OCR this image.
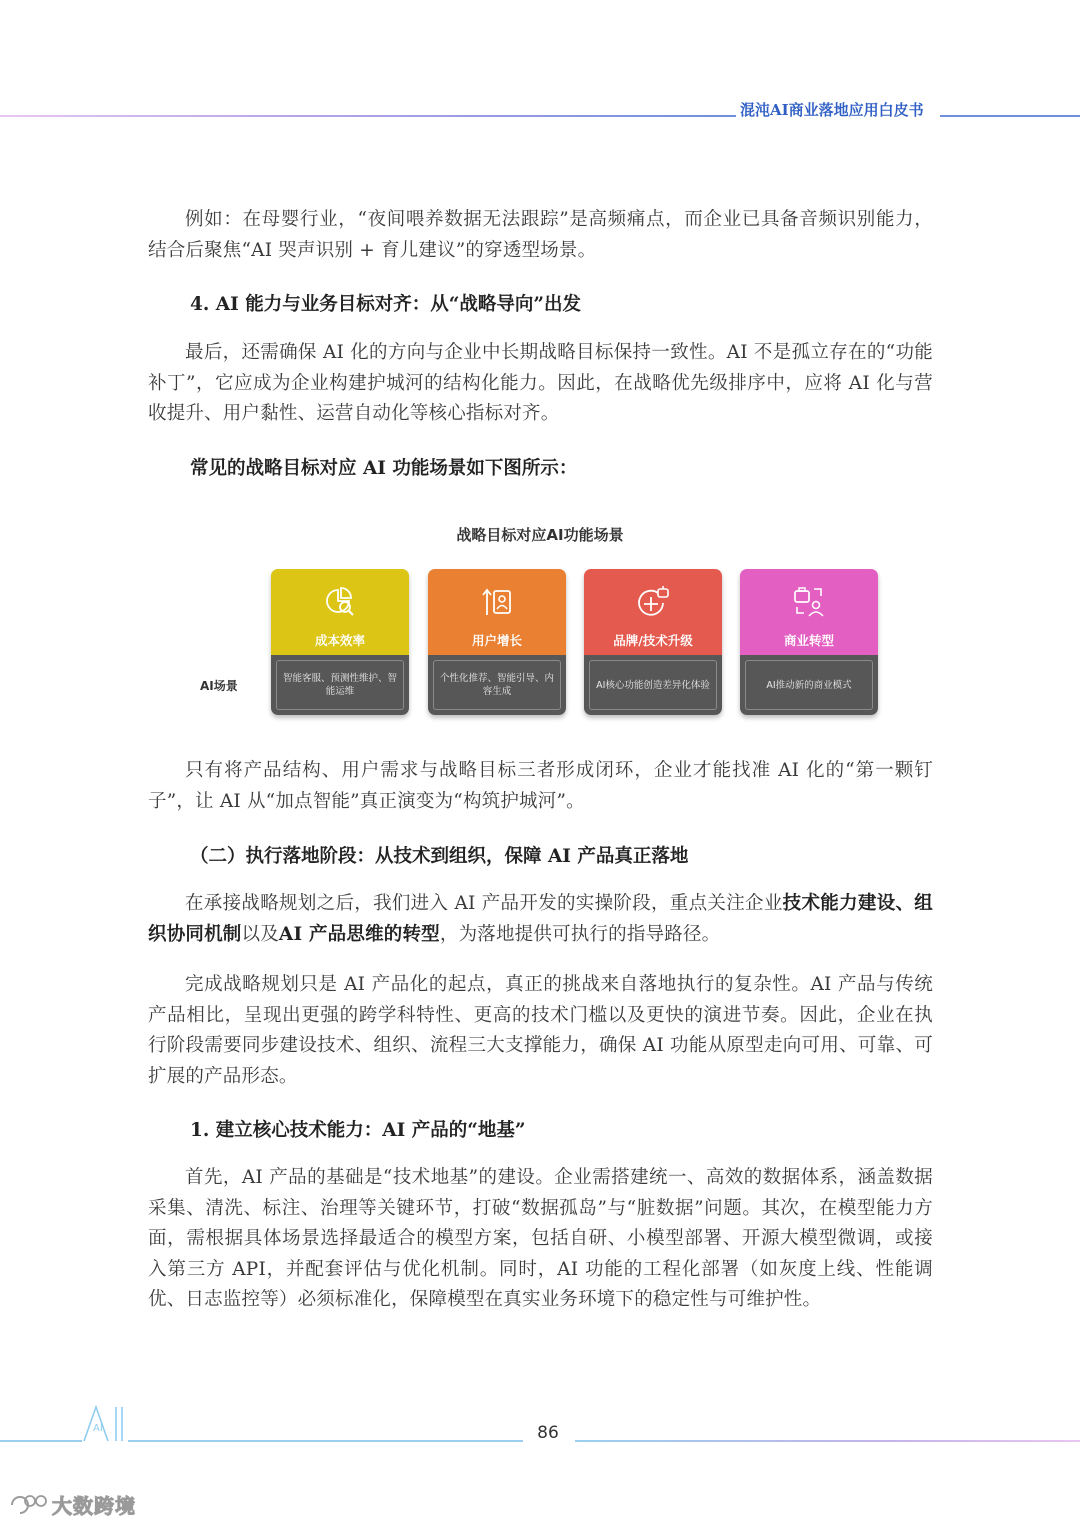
混沌AI商业落地应用白皮书

例如：在母婴行业，“夜间喂养数据无法跟踪”是高频痛点，而企业已具备音频识别能力，结合后聚焦“AI 哭声识别 + 育儿建议”的穿透型场景。

4. AI 能力与业务目标对齐：从“战略导向”出发

最后，还需确保 AI 化的方向与企业中长期战略目标保持一致性。AI 不是孤立存在的“功能补丁”，它应成为企业构建护城河的结构化能力。因此，在战略优先级排序中，应将 AI 化与营收提升、用户黏性、运营自动化等核心指标对齐。

常见的战略目标对应 AI 功能场景如下图所示：

只有将产品结构、用户需求与战略目标三者形成闭环，企业才能找准 AI 化的“第一颗钉子”，让 AI 从“加点智能”真正演变为“构筑护城河”。

（二）执行落地阶段：从技术到组织，保障 AI 产品真正落地

在承接战略规划之后，我们进入 AI 产品开发的实操阶段，重点关注企业技术能力建设、组织协同机制以及AI 产品思维的转型，为落地提供可执行的指导路径。

完成战略规划只是 AI 产品化的起点，真正的挑战来自落地执行的复杂性。AI 产品与传统产品相比，呈现出更强的跨学科特性、更高的技术门槛以及更快的演进节奏。因此，企业在执行阶段需要同步建设技术、组织、流程三大支撑能力，确保 AI 功能从原型走向可用、可靠、可扩展的产品形态。

1. 建立核心技术能力：AI 产品的“地基”

首先，AI 产品的基础是“技术地基”的建设。企业需搭建统一、高效的数据体系，涵盖数据采集、清洗、标注、治理等关键环节，打破“数据孤岛”与“脏数据”问题。其次，在模型能力方面，需根据具体场景选择最适合的模型方案，包括自研、小模型部署、开源大模型微调，或接入第三方 API，并配套评估与优化机制。同时，AI 功能的工程化部署（如灰度上线、性能调优、日志监控等）必须标准化，保障模型在真实业务环境下的稳定性与可维护性。

战略目标对应AI功能场景
AI场景
成本效率
智能客服、预测性维护、智能运维
用户增长
个性化推荐、智能引导、内容生成
品牌/技术升级
AI核心功能创造差异化体验
商业转型
AI推动新的商业模式
AI	86
大数跨境
